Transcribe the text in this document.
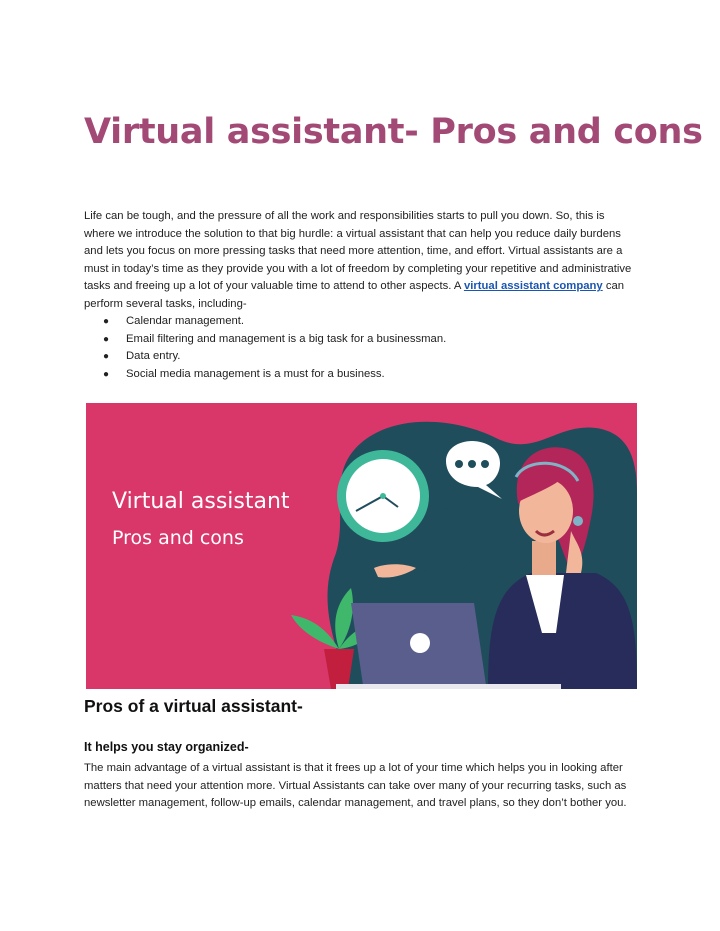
Virtual assistant- Pros and cons

Life can be tough, and the pressure of all the work and responsibilities starts to pull you down. So, this is where we introduce the solution to that big hurdle: a virtual assistant that can help you reduce daily burdens and lets you focus on more pressing tasks that need more attention, time, and effort. Virtual assistants are a must in today’s time as they provide you with a lot of freedom by completing your repetitive and administrative tasks and freeing up a lot of your valuable time to attend to other aspects. A virtual assistant company can perform several tasks, including-

● Calendar management.
● Email filtering and management is a big task for a businessman.
● Data entry.
● Social media management is a must for a business.
Virtual assistant
Pros and cons
Pros of a virtual assistant-
It helps you stay organized-

The main advantage of a virtual assistant is that it frees up a lot of your time which helps you in looking after matters that need your attention more. Virtual Assistants can take over many of your recurring tasks, such as newsletter management, follow-up emails, calendar management, and travel plans, so they don’t bother you.
